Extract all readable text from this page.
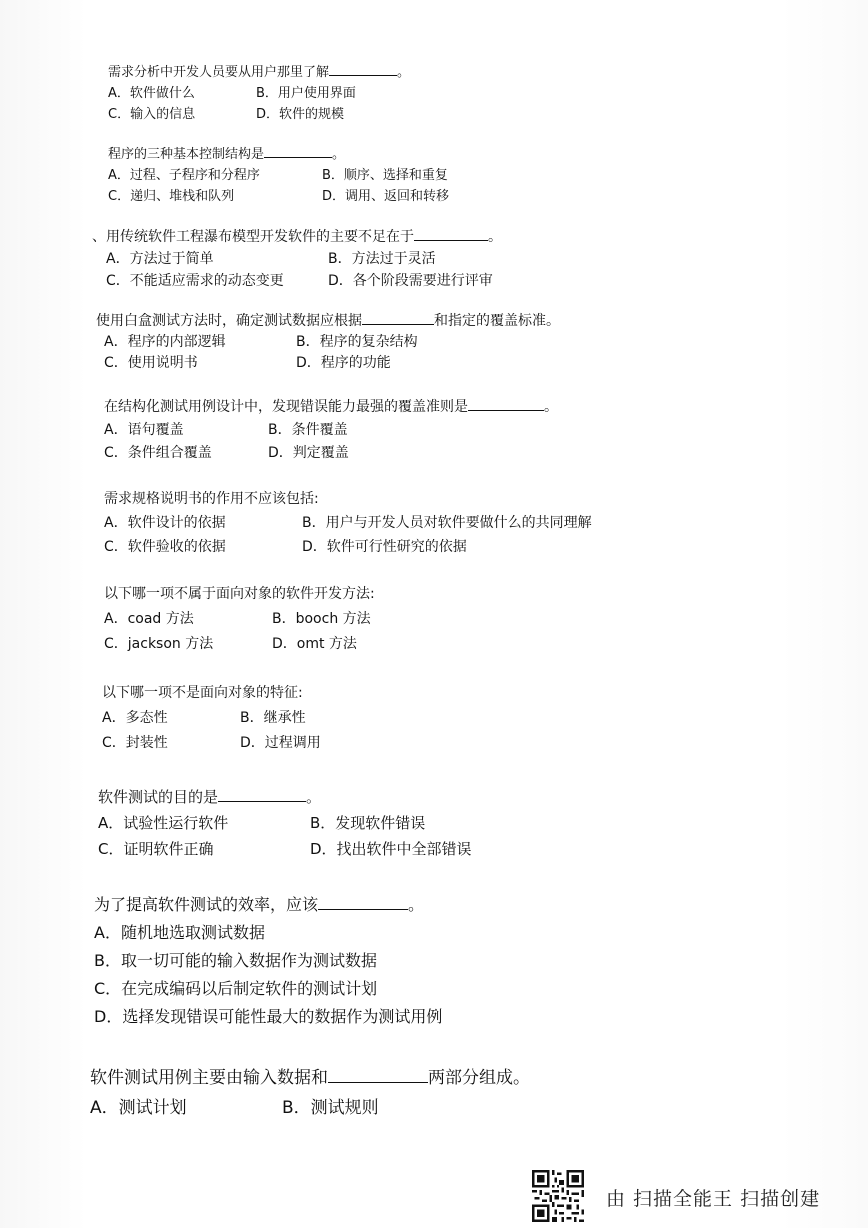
需求分析中开发人员要从用户那里了解	。
A．软件做什么	B．用户使用界面
C．输入的信息	D．软件的规模
程序的三种基本控制结构是	。
A．过程、子程序和分程序	B．顺序、选择和重复
C．递归、堆栈和队列	D．调用、返回和转移
、用传统软件工程瀑布模型开发软件的主要不足在于	。
A．方法过于简单	B．方法过于灵活
C．不能适应需求的动态变更	D．各个阶段需要进行评审
使用白盒测试方法时，确定测试数据应根据	和指定的覆盖标准。
A．程序的内部逻辑	B．程序的复杂结构
C．使用说明书	D．程序的功能
在结构化测试用例设计中，发现错误能力最强的覆盖准则是	。
A．语句覆盖	B．条件覆盖
C．条件组合覆盖	D．判定覆盖
需求规格说明书的作用不应该包括:
A．软件设计的依据	B．用户与开发人员对软件要做什么的共同理解
C．软件验收的依据	D．软件可行性研究的依据
以下哪一项不属于面向对象的软件开发方法:
A．coad 方法	B．booch 方法
C．jackson 方法	D．omt 方法
以下哪一项不是面向对象的特征:
A．多态性	B．继承性
C．封装性	D．过程调用
软件测试的目的是	。
A．试验性运行软件	B．发现软件错误
C．证明软件正确	D．找出软件中全部错误
为了提高软件测试的效率，应该	。
A．随机地选取测试数据
B．取一切可能的输入数据作为测试数据
C．在完成编码以后制定软件的测试计划
D．选择发现错误可能性最大的数据作为测试用例
软件测试用例主要由输入数据和	两部分组成。
A．测试计划	B．测试规则
由 扫描全能王 扫描创建
